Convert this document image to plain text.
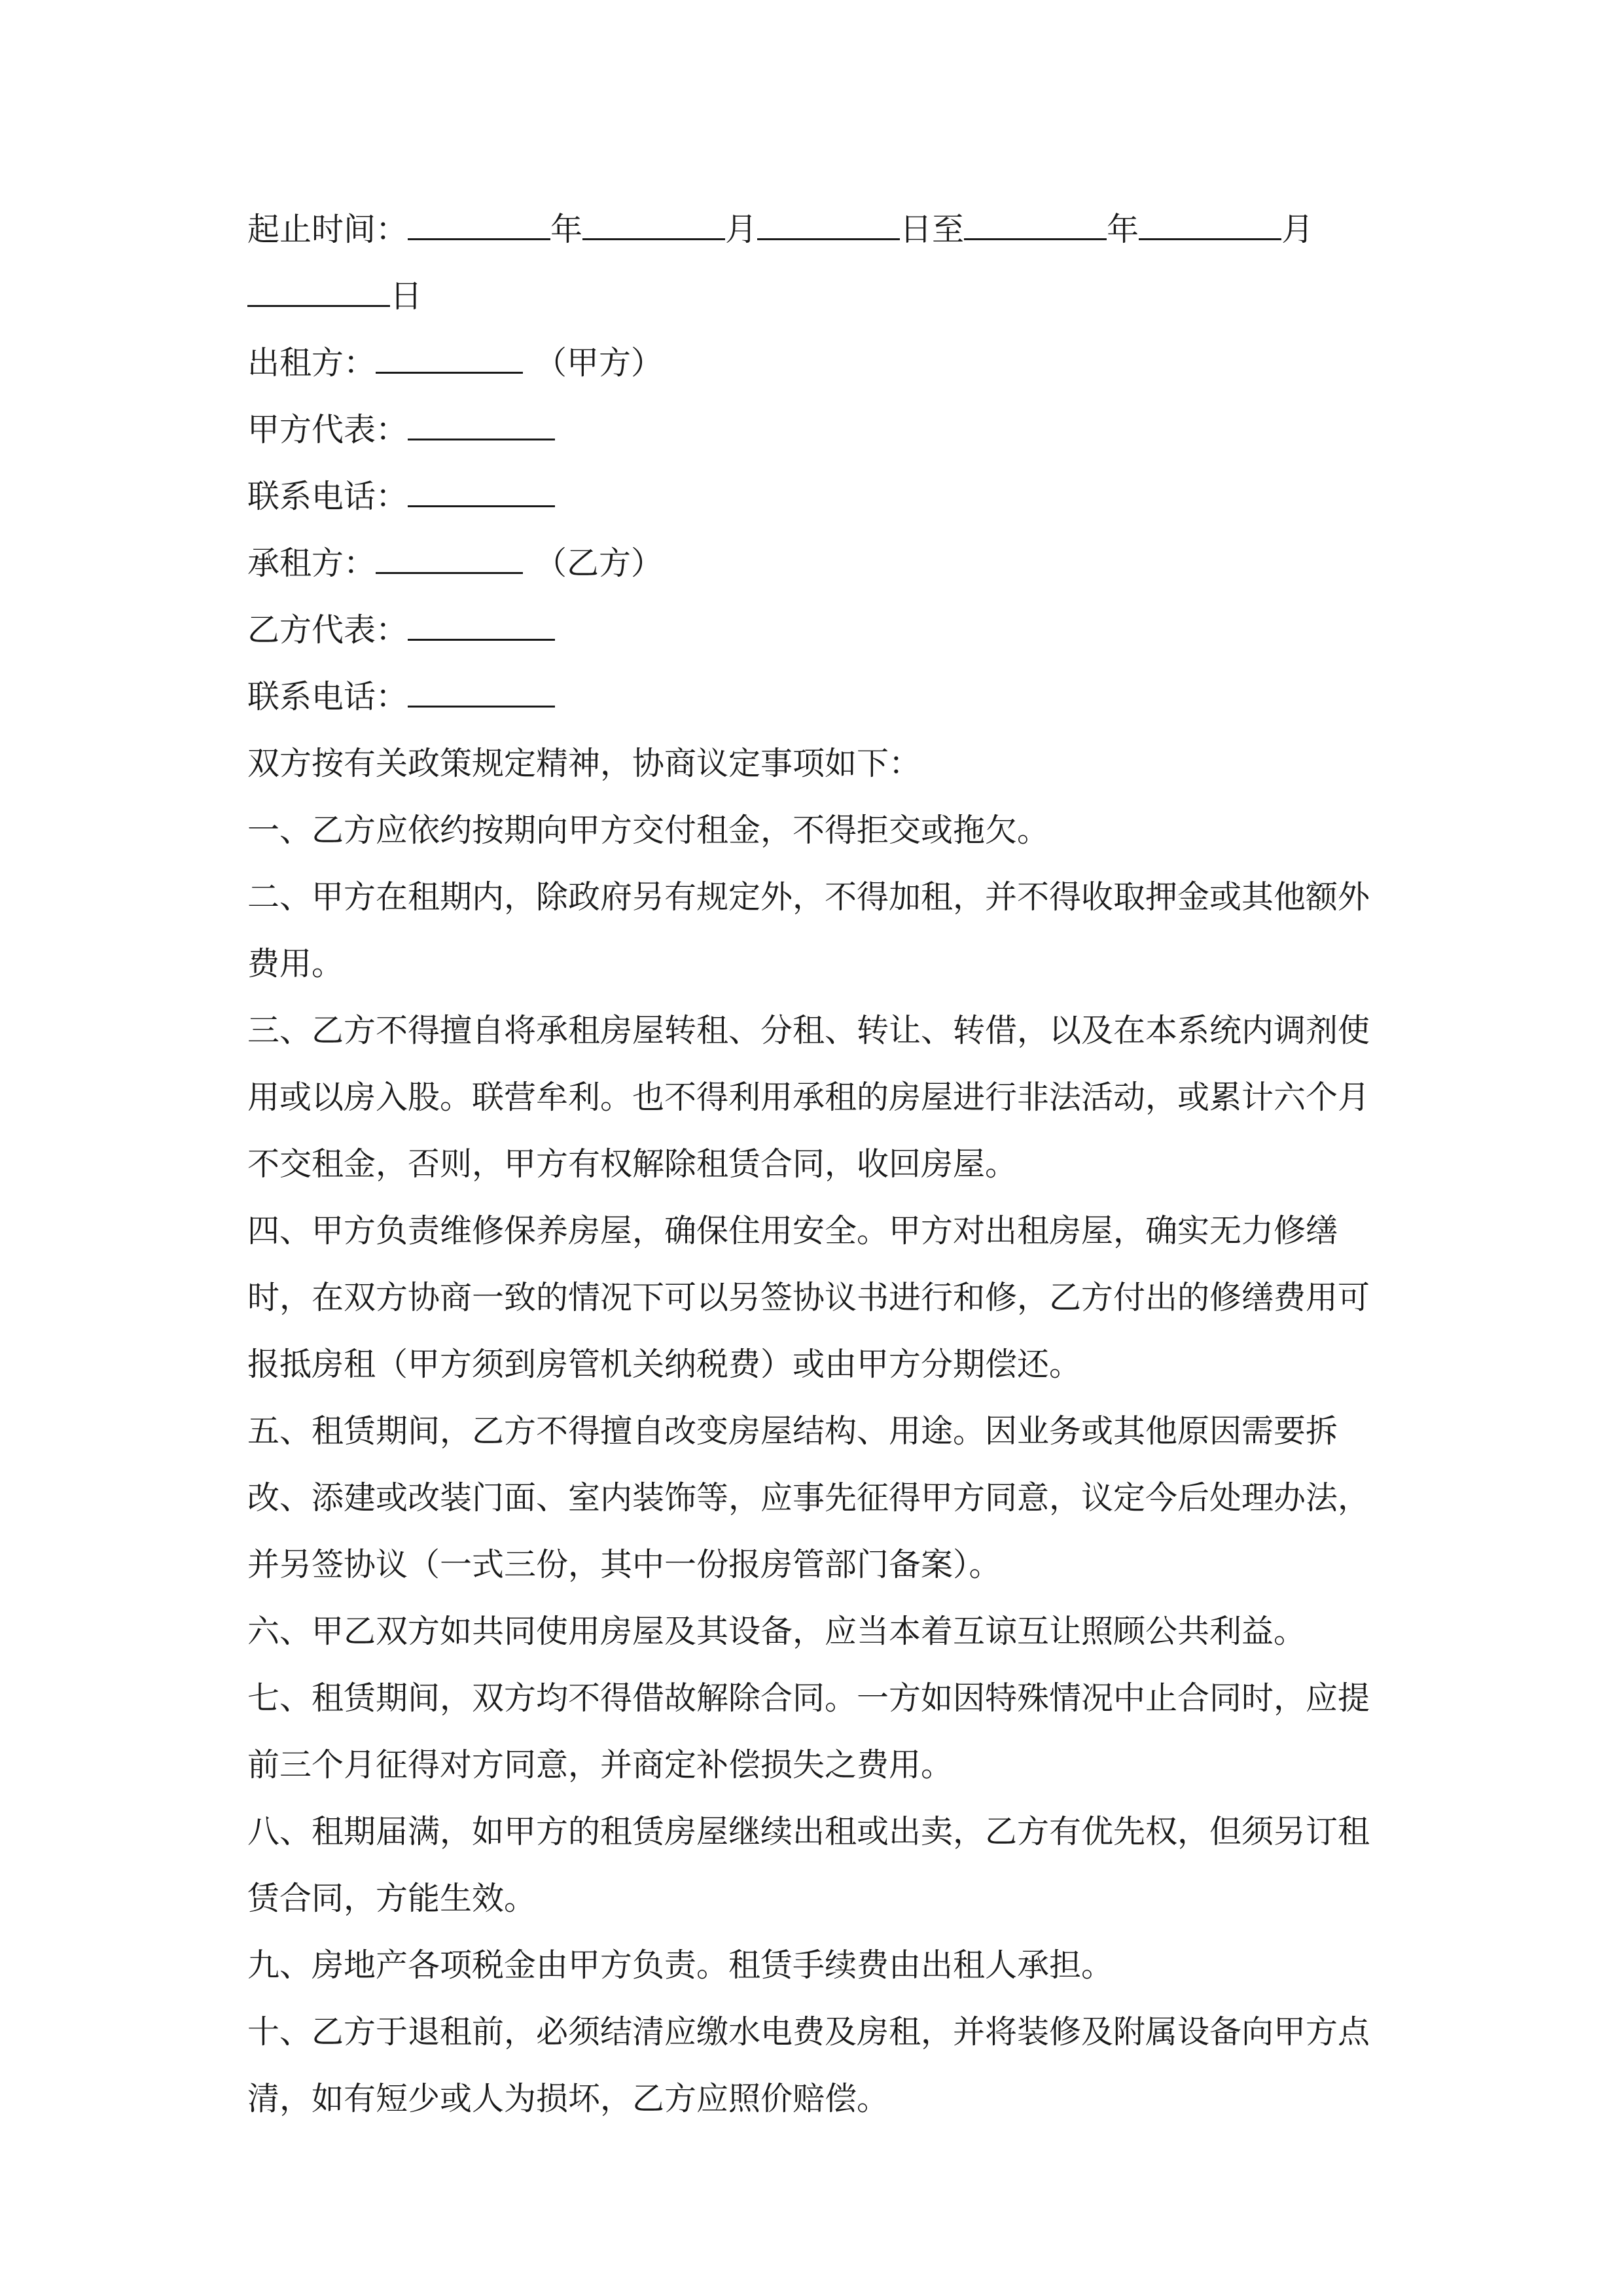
起止时间：	年	月	日至	年	月
日
出租方：	（甲方）
甲方代表：
联系电话：
承租方：	（乙方）
乙方代表：
联系电话：

双方按有关政策规定精神，协商议定事项如下：

一、乙方应依约按期向甲方交付租金，不得拒交或拖欠。

二、甲方在租期内，除政府另有规定外，不得加租，并不得收取押金或其他额外费用。

三、乙方不得擅自将承租房屋转租、分租、转让、转借，以及在本系统内调剂使用或以房入股。联营牟利。也不得利用承租的房屋进行非法活动，或累计六个月不交租金，否则，甲方有权解除租赁合同，收回房屋。

四、甲方负责维修保养房屋，确保住用安全。甲方对出租房屋，确实无力修缮时，在双方协商一致的情况下可以另签协议书进行和修，乙方付出的修缮费用可报抵房租（甲方须到房管机关纳税费）或由甲方分期偿还。

五、租赁期间，乙方不得擅自改变房屋结构、用途。因业务或其他原因需要拆改、添建或改装门面、室内装饰等，应事先征得甲方同意，议定今后处理办法，并另签协议（一式三份，其中一份报房管部门备案）。

六、甲乙双方如共同使用房屋及其设备，应当本着互谅互让照顾公共利益。

七、租赁期间，双方均不得借故解除合同。一方如因特殊情况中止合同时，应提前三个月征得对方同意，并商定补偿损失之费用。

八、租期届满，如甲方的租赁房屋继续出租或出卖，乙方有优先权，但须另订租赁合同，方能生效。

九、房地产各项税金由甲方负责。租赁手续费由出租人承担。

十、乙方于退租前，必须结清应缴水电费及房租，并将装修及附属设备向甲方点清，如有短少或人为损坏，乙方应照价赔偿。
